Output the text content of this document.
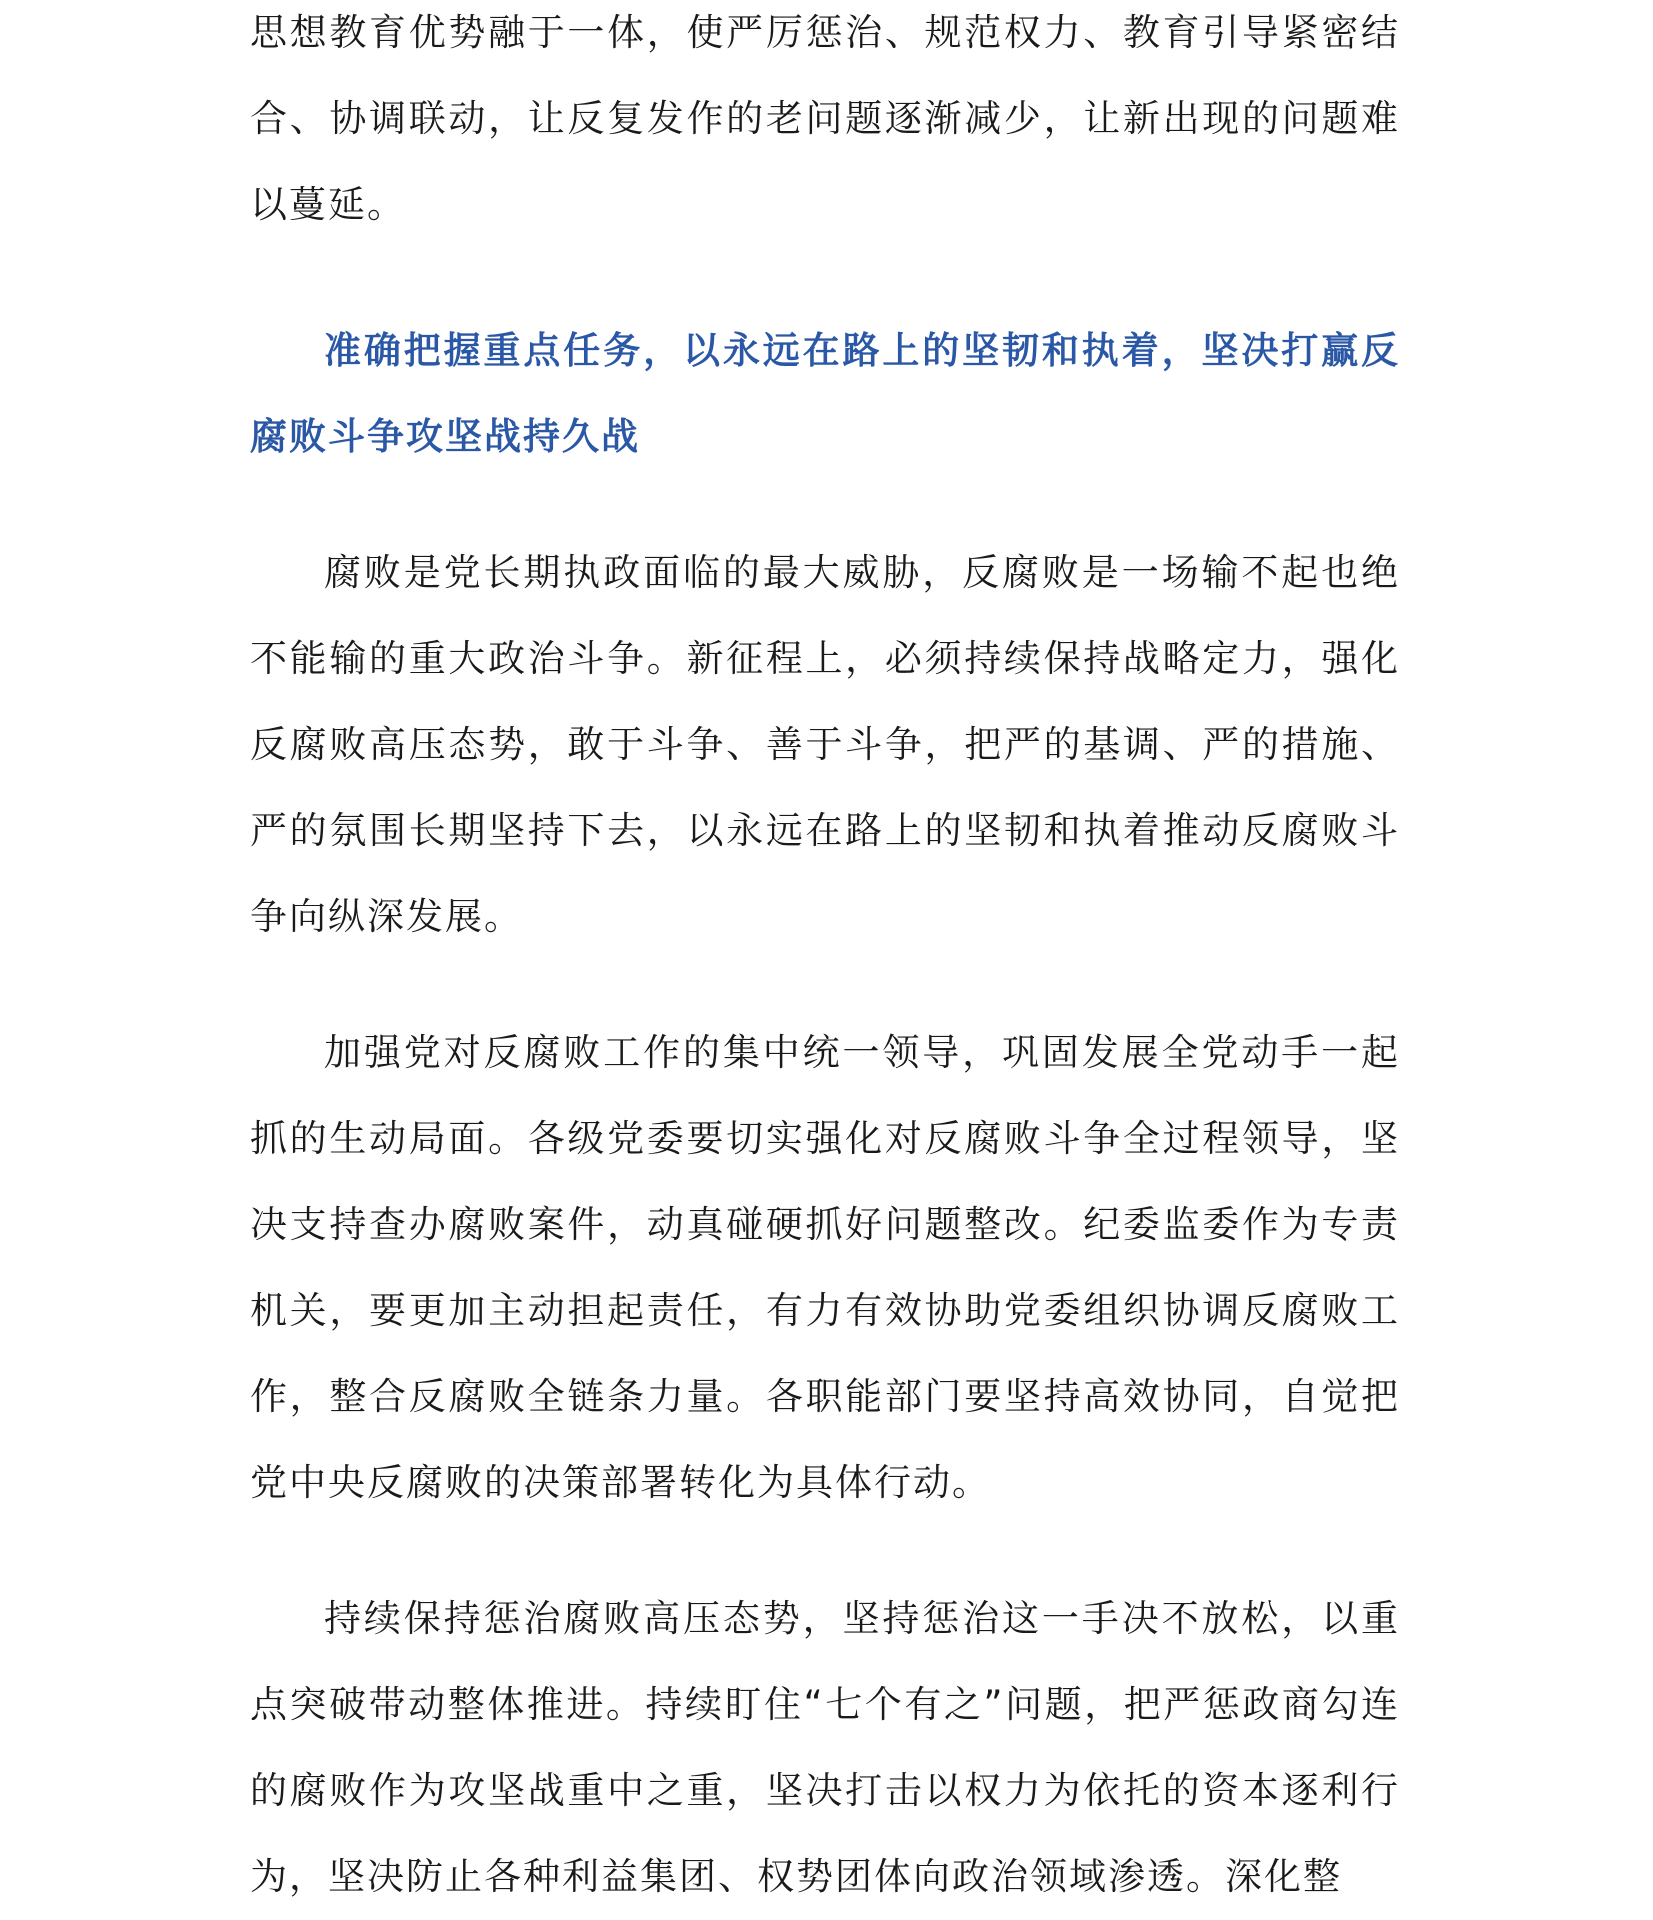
思想教育优势融于一体，使严厉惩治、规范权力、教育引导紧密结合、协调联动，让反复发作的老问题逐渐减少，让新出现的问题难以蔓延。

准确把握重点任务，以永远在路上的坚韧和执着，坚决打赢反腐败斗争攻坚战持久战

腐败是党长期执政面临的最大威胁，反腐败是一场输不起也绝不能输的重大政治斗争。新征程上，必须持续保持战略定力，强化反腐败高压态势，敢于斗争、善于斗争，把严的基调、严的措施、严的氛围长期坚持下去，以永远在路上的坚韧和执着推动反腐败斗争向纵深发展。

加强党对反腐败工作的集中统一领导，巩固发展全党动手一起抓的生动局面。各级党委要切实强化对反腐败斗争全过程领导，坚决支持查办腐败案件，动真碰硬抓好问题整改。纪委监委作为专责机关，要更加主动担起责任，有力有效协助党委组织协调反腐败工作，整合反腐败全链条力量。各职能部门要坚持高效协同，自觉把党中央反腐败的决策部署转化为具体行动。

持续保持惩治腐败高压态势，坚持惩治这一手决不放松，以重点突破带动整体推进。持续盯住“七个有之”问题，把严惩政商勾连的腐败作为攻坚战重中之重，坚决打击以权力为依托的资本逐利行为，坚决防止各种利益集团、权势团体向政治领域渗透。深化整
